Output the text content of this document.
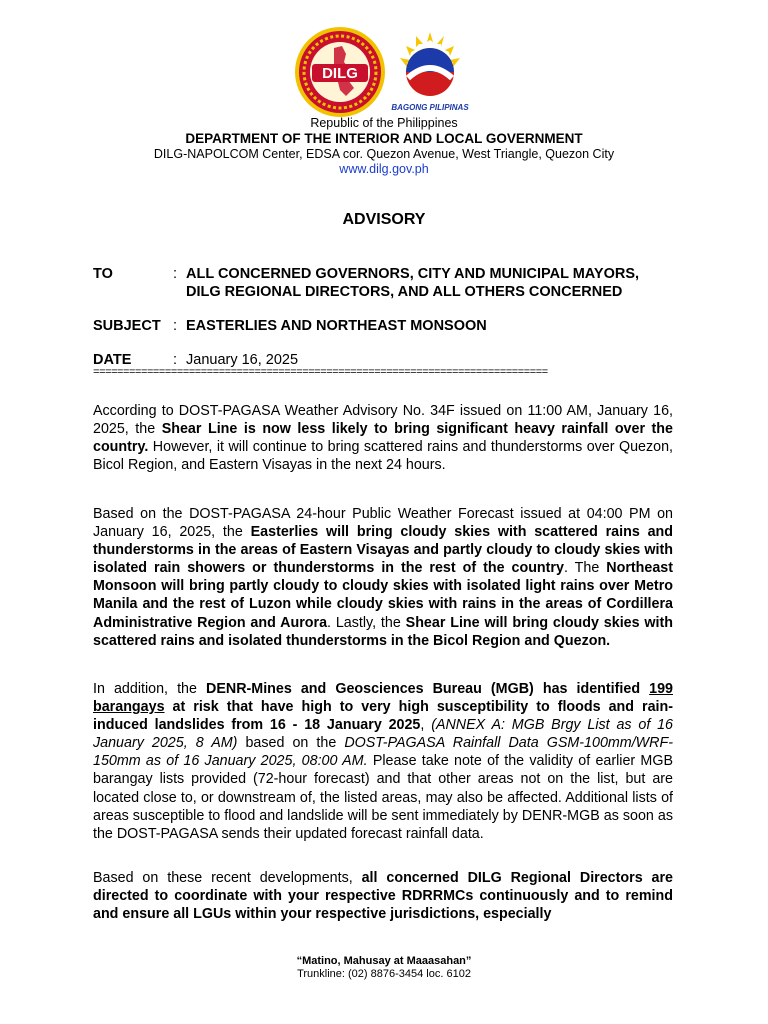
DILG
BAGONG PILIPINAS
Republic of the Philippines
DEPARTMENT OF THE INTERIOR AND LOCAL GOVERNMENT
DILG-NAPOLCOM Center, EDSA cor. Quezon Avenue, West Triangle, Quezon City
www.dilg.gov.ph
ADVISORY
TO	: ALL CONCERNED GOVERNORS, CITY AND MUNICIPAL MAYORS,
DILG REGIONAL DIRECTORS, AND ALL OTHERS CONCERNED
SUBJECT : EASTERLIES AND NORTHEAST MONSOON
DATE	: January 16, 2025
============================================================================
According to DOST-PAGASA Weather Advisory No. 34F issued on 11:00 AM, January 16, 2025, the Shear Line is now less likely to bring significant heavy rainfall over the country. However, it will continue to bring scattered rains and thunderstorms over Quezon, Bicol Region, and Eastern Visayas in the next 24 hours.
Based on the DOST-PAGASA 24-hour Public Weather Forecast issued at 04:00 PM on January 16, 2025, the Easterlies will bring cloudy skies with scattered rains and thunderstorms in the areas of Eastern Visayas and partly cloudy to cloudy skies with isolated rain showers or thunderstorms in the rest of the country. The Northeast Monsoon will bring partly cloudy to cloudy skies with isolated light rains over Metro Manila and the rest of Luzon while cloudy skies with rains in the areas of Cordillera Administrative Region and Aurora. Lastly, the Shear Line will bring cloudy skies with scattered rains and isolated thunderstorms in the Bicol Region and Quezon.
In addition, the DENR-Mines and Geosciences Bureau (MGB) has identified 199 barangays at risk that have high to very high susceptibility to floods and rain-induced landslides from 16 - 18 January 2025, (ANNEX A: MGB Brgy List as of 16 January 2025, 8 AM) based on the DOST-PAGASA Rainfall Data GSM-100mm/WRF-150mm as of 16 January 2025, 08:00 AM. Please take note of the validity of earlier MGB barangay lists provided (72-hour forecast) and that other areas not on the list, but are located close to, or downstream of, the listed areas, may also be affected. Additional lists of areas susceptible to flood and landslide will be sent immediately by DENR-MGB as soon as the DOST-PAGASA sends their updated forecast rainfall data.
Based on these recent developments, all concerned DILG Regional Directors are directed to coordinate with your respective RDRRMCs continuously and to remind and ensure all LGUs within your respective jurisdictions, especially
“Matino, Mahusay at Maaasahan”
Trunkline: (02) 8876-3454 loc. 6102
